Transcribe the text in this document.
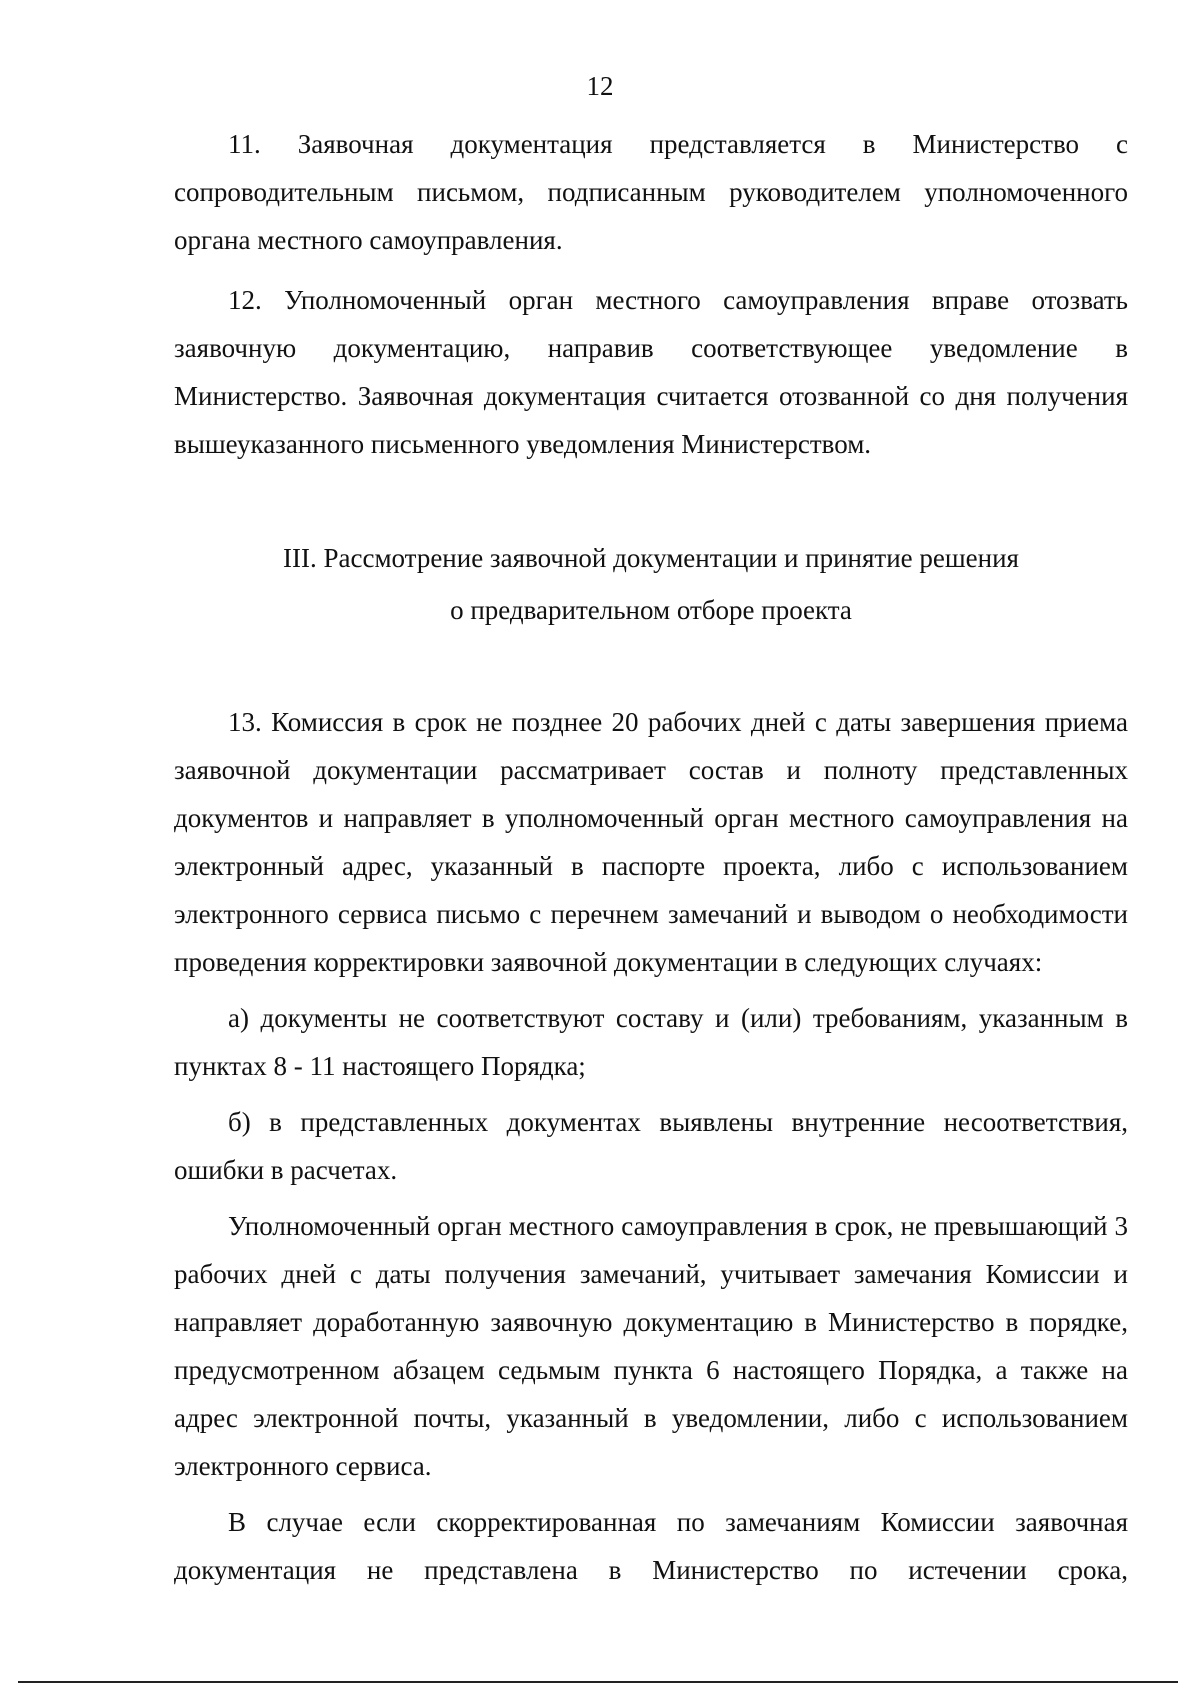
12

11. Заявочная документация представляется в Министерство с сопроводительным письмом, подписанным руководителем уполномоченного органа местного самоуправления.

12. Уполномоченный орган местного самоуправления вправе отозвать заявочную документацию, направив соответствующее уведомление в Министерство. Заявочная документация считается отозванной со дня получения вышеуказанного письменного уведомления Министерством.

III. Рассмотрение заявочной документации и принятие решения
о предварительном отборе проекта

13. Комиссия в срок не позднее 20 рабочих дней с даты завершения приема заявочной документации рассматривает состав и полноту представленных документов и направляет в уполномоченный орган местного самоуправления на электронный адрес, указанный в паспорте проекта, либо с использованием электронного сервиса письмо с перечнем замечаний и выводом о необходимости проведения корректировки заявочной документации в следующих случаях:

а) документы не соответствуют составу и (или) требованиям, указанным в пунктах 8 - 11 настоящего Порядка;

б) в представленных документах выявлены внутренние несоответствия, ошибки в расчетах.

Уполномоченный орган местного самоуправления в срок, не превышающий 3 рабочих дней с даты получения замечаний, учитывает замечания Комиссии и направляет доработанную заявочную документацию в Министерство в порядке, предусмотренном абзацем седьмым пункта 6 настоящего Порядка, а также на адрес электронной почты, указанный в уведомлении, либо с использованием электронного сервиса.

В случае если скорректированная по замечаниям Комиссии заявочная документация не представлена в Министерство по истечении срока,
